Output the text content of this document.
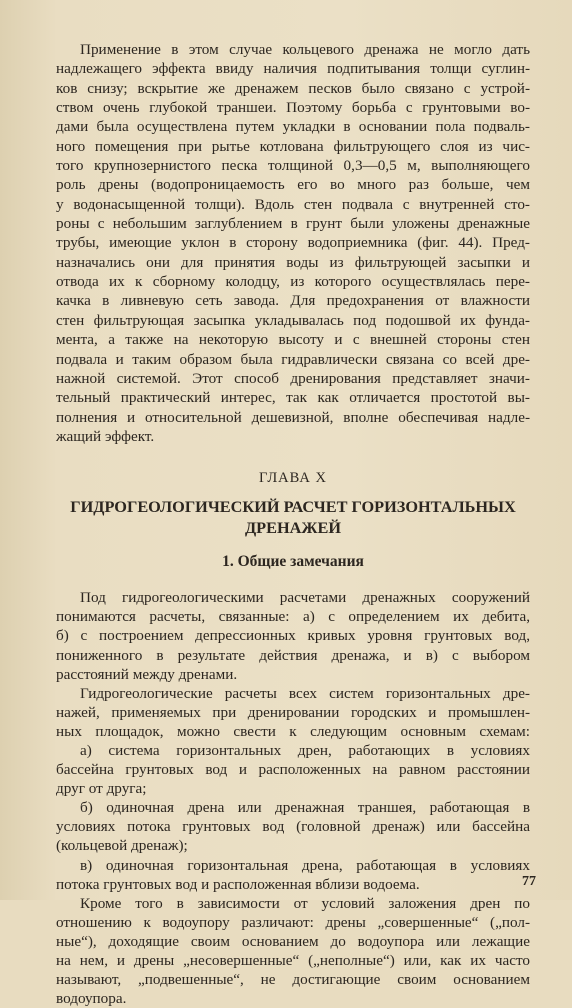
Применение в этом случае кольцевого дренажа не могло дать
надлежащего эффекта ввиду наличия подпитывания толщи суглин-
ков снизу; вскрытие же дренажем песков было связано с устрой-
ством очень глубокой траншеи. Поэтому борьба с грунтовыми во-
дами была осуществлена путем укладки в основании пола подваль-
ного помещения при рытье котлована фильтрующего слоя из чис-
того крупнозернистого песка толщиной 0,3—0,5 м, выполняющего
роль дрены (водопроницаемость его во много раз больше, чем
у водонасыщенной толщи). Вдоль стен подвала с внутренней сто-
роны с небольшим заглублением в грунт были уложены дренажные
трубы, имеющие уклон в сторону водоприемника (фиг. 44). Пред-
назначались они для принятия воды из фильтрующей засыпки и
отвода их к сборному колодцу, из которого осуществлялась пере-
качка в ливневую сеть завода. Для предохранения от влажности
стен фильтрующая засыпка укладывалась под подошвой их фунда-
мента, а также на некоторую высоту и с внешней стороны стен
подвала и таким образом была гидравлически связана со всей дре-
нажной системой. Этот способ дренирования представляет значи-
тельный практический интерес, так как отличается простотой вы-
полнения и относительной дешевизной, вполне обеспечивая надле-
жащий эффект.
ГЛАВА X
ГИДРОГЕОЛОГИЧЕСКИЙ РАСЧЕТ ГОРИЗОНТАЛЬНЫХ
ДРЕНАЖЕЙ
1. Общие замечания
Под гидрогеологическими расчетами дренажных сооружений
понимаются расчеты, связанные: а) с определением их дебита,
б) с построением депрессионных кривых уровня грунтовых вод,
пониженного в результате действия дренажа, и в) с выбором
расстояний между дренами.
Гидрогеологические расчеты всех систем горизонтальных дре-
нажей, применяемых при дренировании городских и промышлен-
ных площадок, можно свести к следующим основным схемам:
а) система горизонтальных дрен, работающих в условиях
бассейна грунтовых вод и расположенных на равном расстоянии
друг от друга;
б) одиночная дрена или дренажная траншея, работающая в
условиях потока грунтовых вод (головной дренаж) или бассейна
(кольцевой дренаж);
в) одиночная горизонтальная дрена, работающая в условиях
потока грунтовых вод и расположенная вблизи водоема.
Кроме того в зависимости от условий заложения дрен по
отношению к водоупору различают: дрены „совершенные“ („пол-
ные“), доходящие своим основанием до водоупора или лежащие
на нем, и дрены „несовершенные“ („неполные“) или, как их часто
называют, „подвешенные“, не достигающие своим основанием
водоупора.
77
